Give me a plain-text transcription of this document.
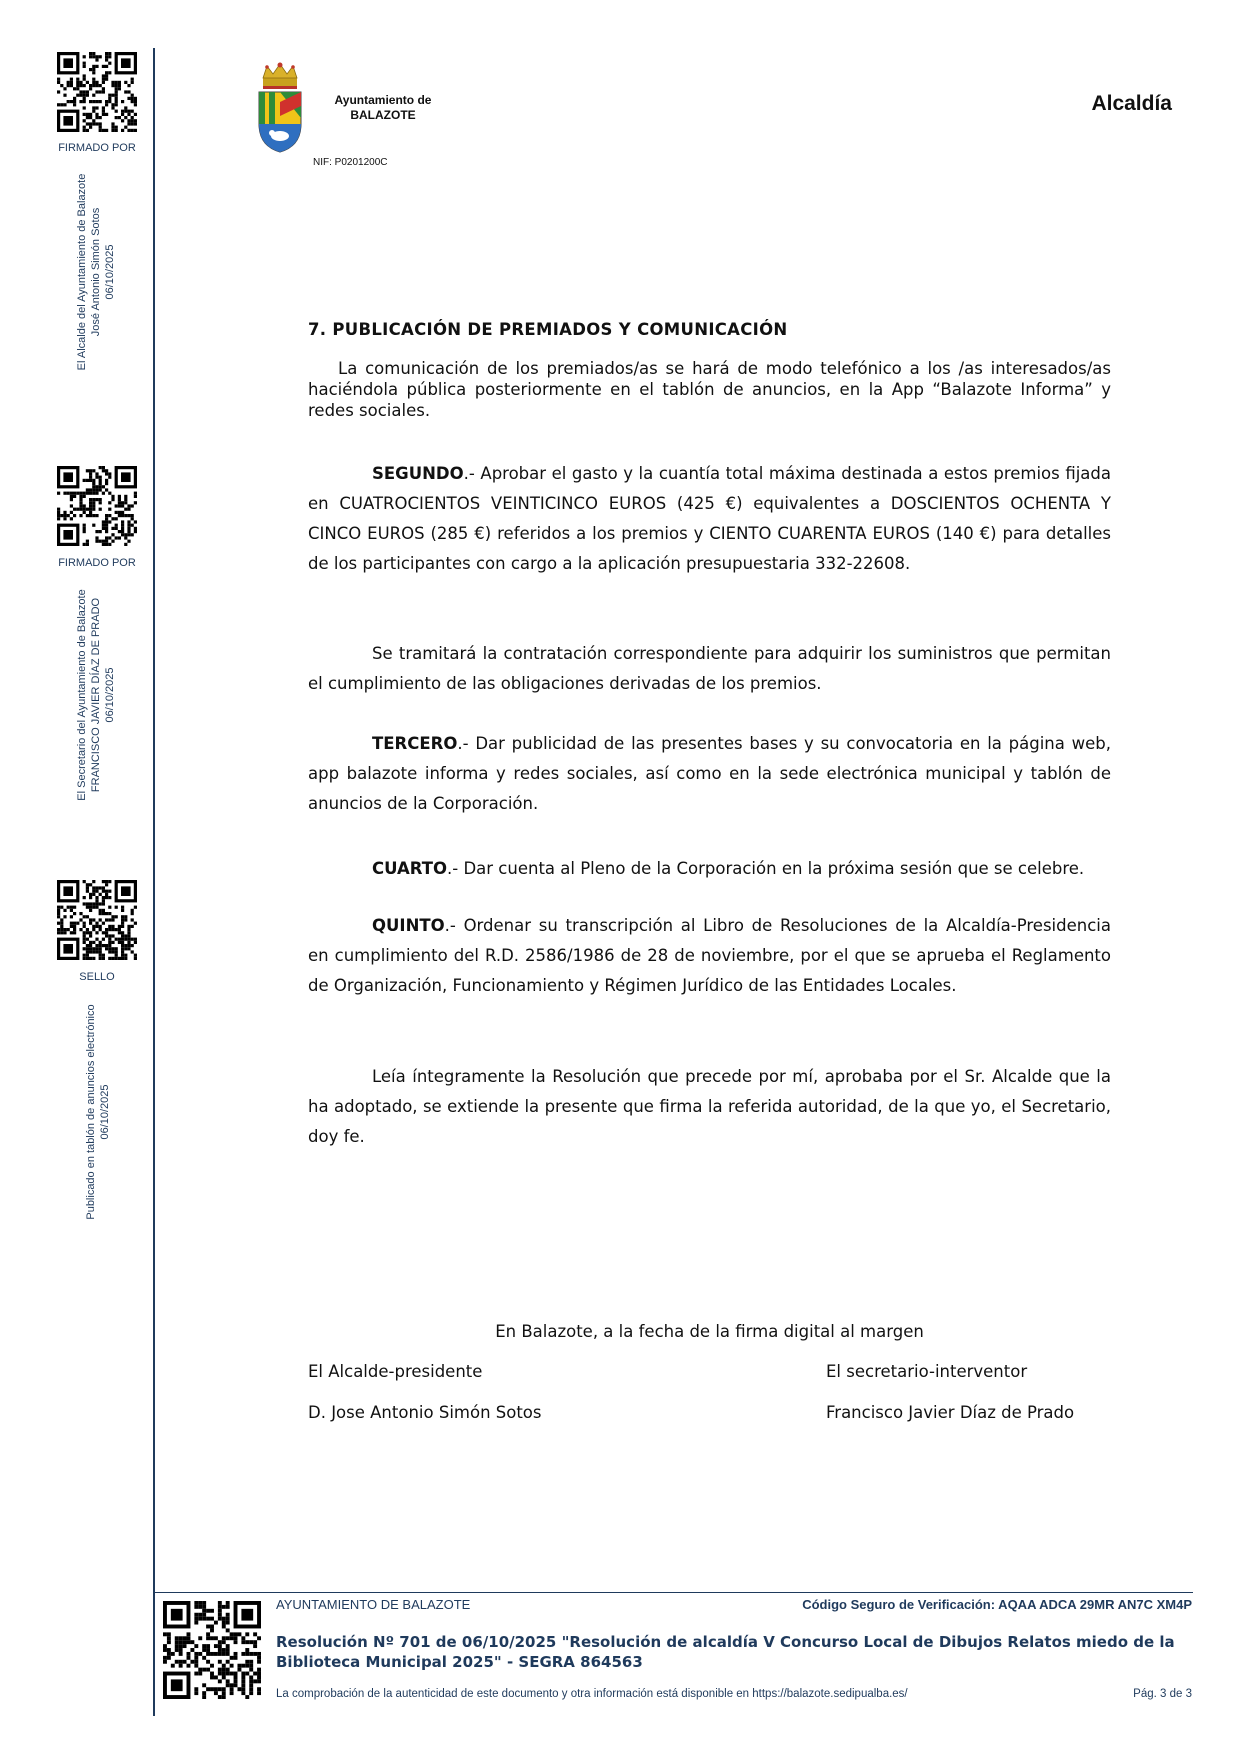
FIRMADO POR
El Alcalde del Ayuntamiento de Balazote José Antonio Simón Sotos 06/10/2025
FIRMADO POR
El Secretario del Ayuntamiento de Balazote FRANCISCO JAVIER DÍAZ DE PRADO 06/10/2025
SELLO
Publicado en tablón de anuncios electrónico 06/10/2025
Ayuntamiento de
BALAZOTE
NIF: P0201200C
Alcaldía
7. PUBLICACIÓN DE PREMIADOS Y COMUNICACIÓN
La comunicación de los premiados/as se hará de modo telefónico a los /as interesados/as haciéndola pública posteriormente en el tablón de anuncios, en la App “Balazote Informa” y redes sociales.
SEGUNDO.- Aprobar el gasto y la cuantía total máxima destinada a estos premios fijada en CUATROCIENTOS VEINTICINCO EUROS (425 €) equivalentes a DOSCIENTOS OCHENTA Y CINCO EUROS (285 €) referidos a los premios y CIENTO CUARENTA EUROS (140 €) para detalles de los participantes con cargo a la aplicación presupuestaria 332-22608.
Se tramitará la contratación correspondiente para adquirir los suministros que permitan el cumplimiento de las obligaciones derivadas de los premios.
TERCERO.- Dar publicidad de las presentes bases y su convocatoria en la página web, app balazote informa y redes sociales, así como en la sede electrónica municipal y tablón de anuncios de la Corporación.
CUARTO.- Dar cuenta al Pleno de la Corporación en la próxima sesión que se celebre.
QUINTO.- Ordenar su transcripción al Libro de Resoluciones de la Alcaldía-Presidencia en cumplimiento del R.D. 2586/1986 de 28 de noviembre, por el que se aprueba el Reglamento de Organización, Funcionamiento y Régimen Jurídico de las Entidades Locales.
Leía íntegramente la Resolución que precede por mí, aprobaba por el Sr. Alcalde que la ha adoptado, se extiende la presente que firma la referida autoridad, de la que yo, el Secretario, doy fe.
En Balazote, a la fecha de la firma digital al margen
El Alcalde-presidente	El secretario-interventor
D. Jose Antonio Simón Sotos	Francisco Javier Díaz de Prado
AYUNTAMIENTO DE BALAZOTE	Código Seguro de Verificación: AQAA ADCA 29MR AN7C XM4P
Resolución Nº 701 de 06/10/2025 "Resolución de alcaldía V Concurso Local de Dibujos Relatos miedo de la Biblioteca Municipal 2025" - SEGRA 864563
La comprobación de la autenticidad de este documento y otra información está disponible en https://balazote.sedipualba.es/	Pág. 3 de 3
